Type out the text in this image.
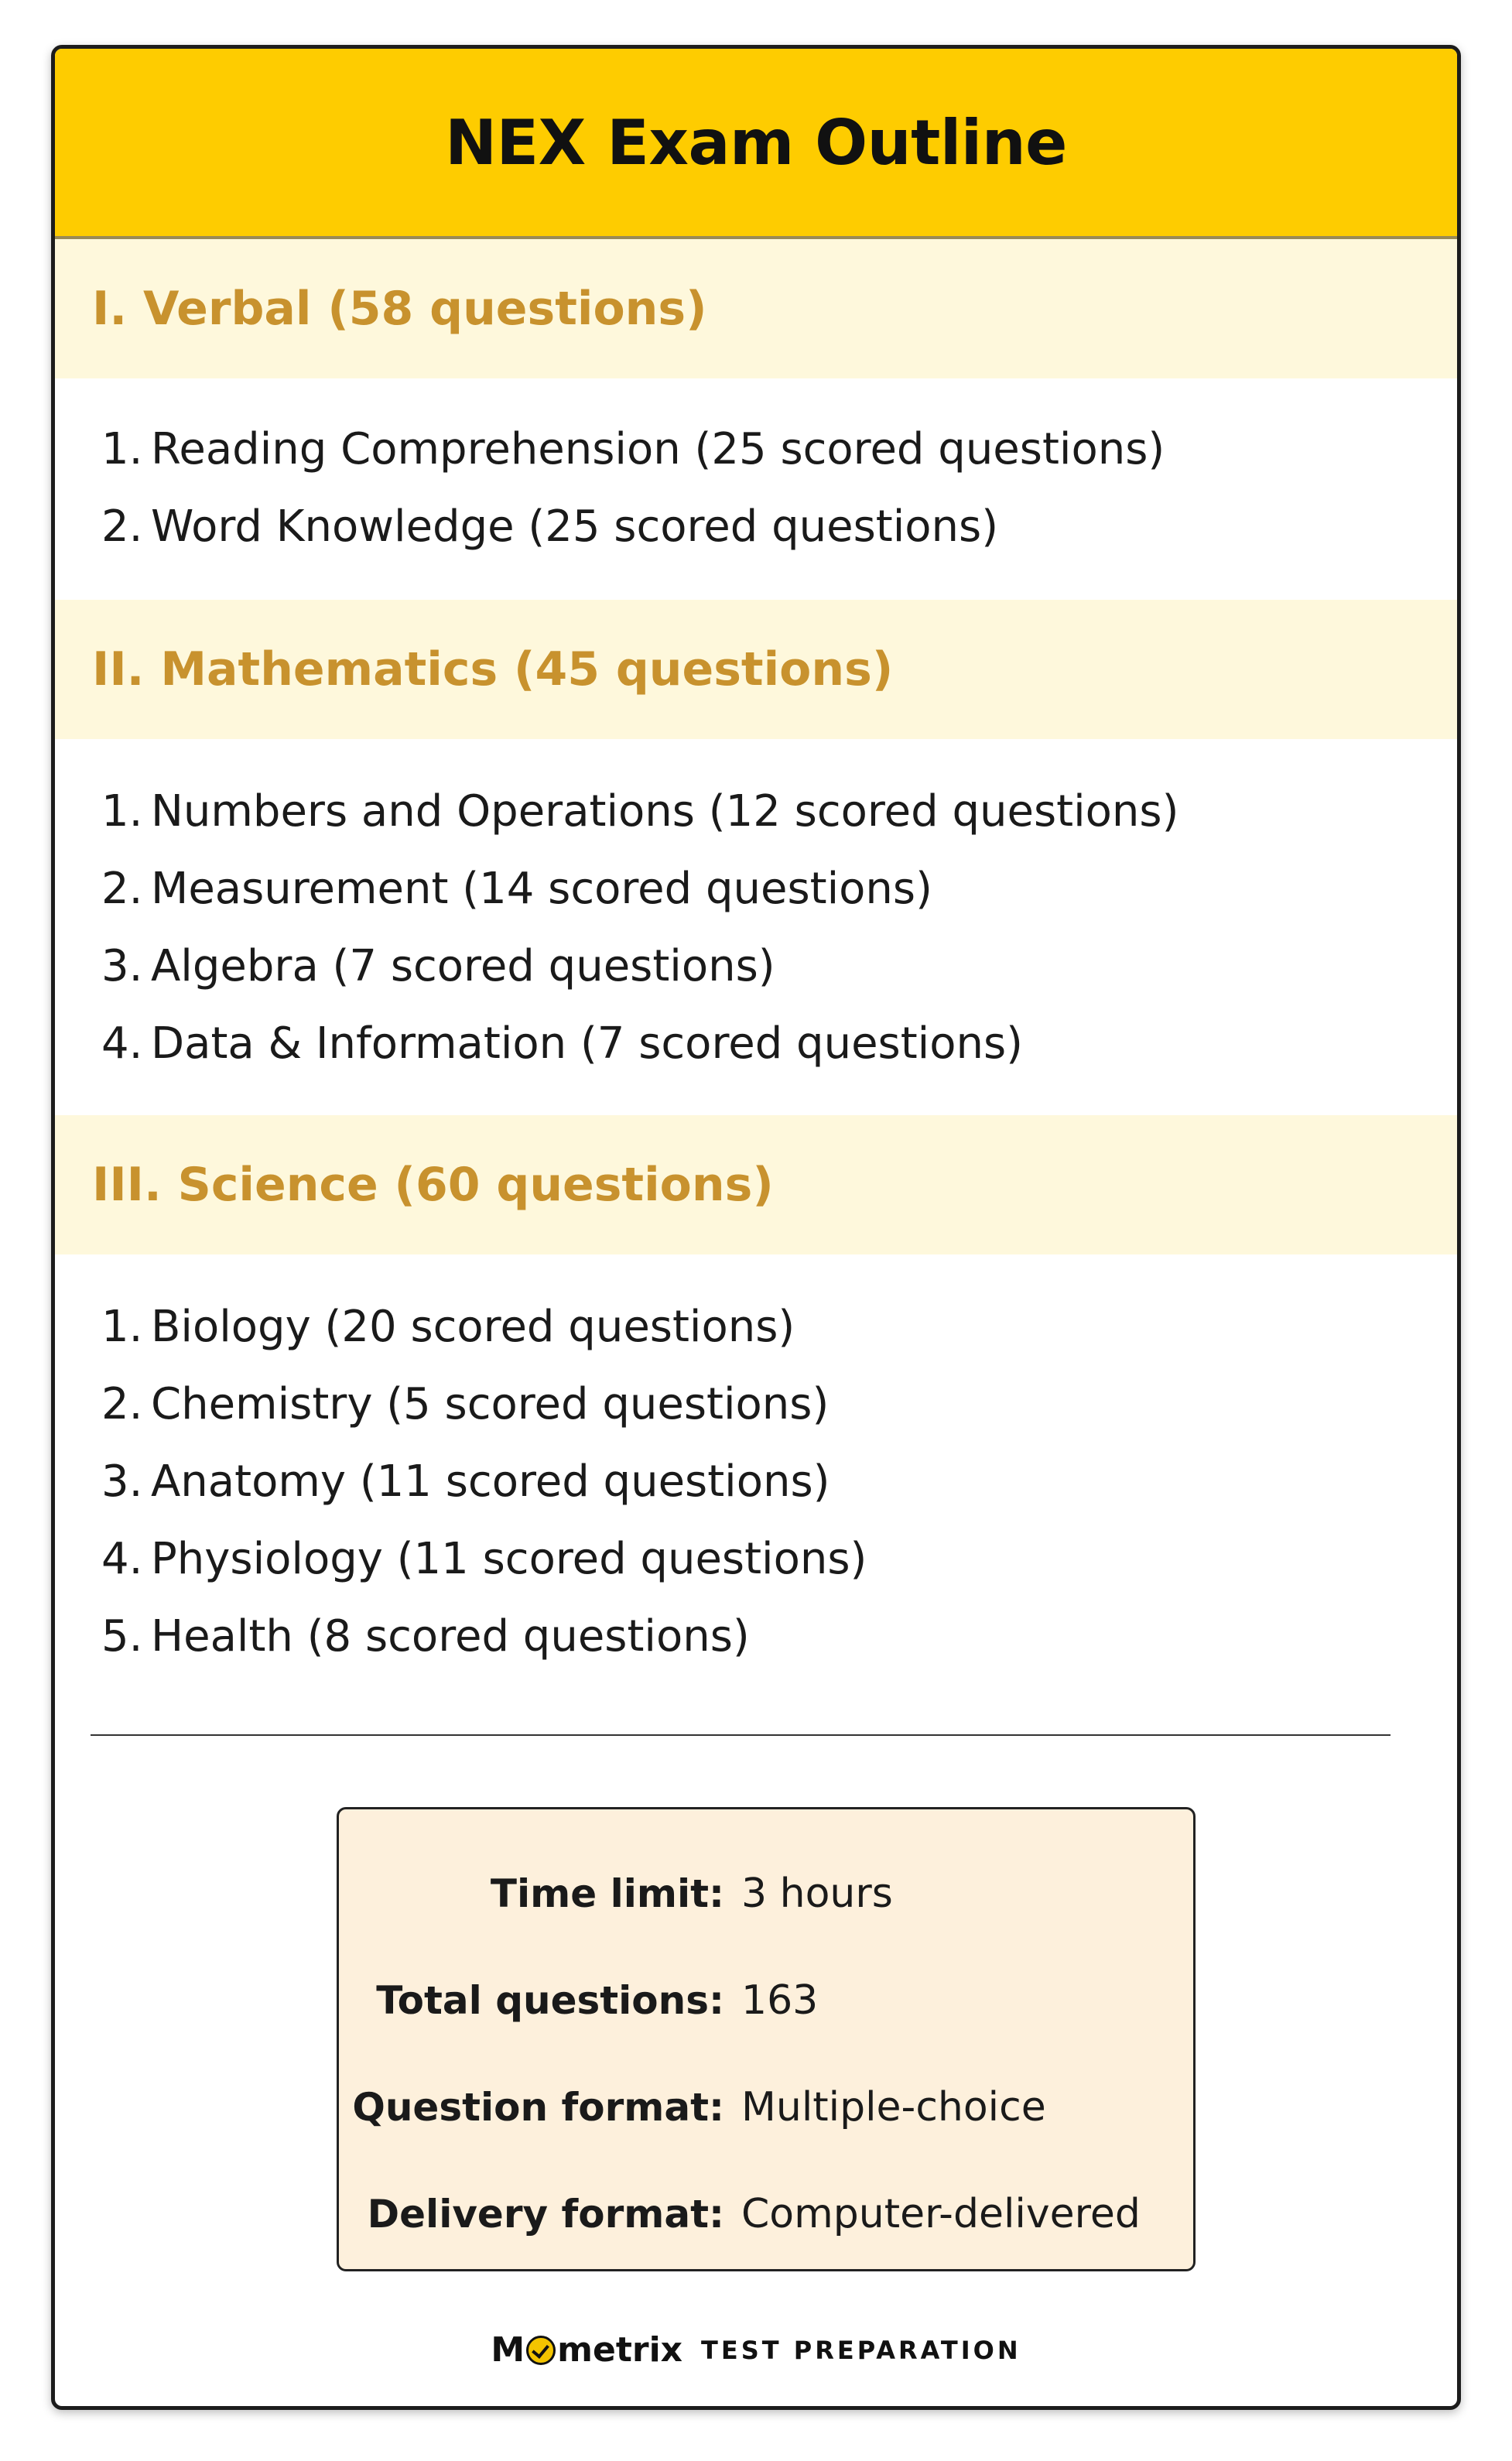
NEX Exam Outline
I. Verbal (58 questions)
1. Reading Comprehension (25 scored questions)
2. Word Knowledge (25 scored questions)
II. Mathematics (45 questions)
1. Numbers and Operations (12 scored questions)
2. Measurement (14 scored questions)
3. Algebra (7 scored questions)
4. Data & Information (7 scored questions)
III. Science (60 questions)
1. Biology (20 scored questions)
2. Chemistry (5 scored questions)
3. Anatomy (11 scored questions)
4. Physiology (11 scored questions)
5. Health (8 scored questions)
Time limit: 3 hours
Total questions: 163
Question format: Multiple-choice
Delivery format: Computer-delivered
M metrix TEST PREPARATION
